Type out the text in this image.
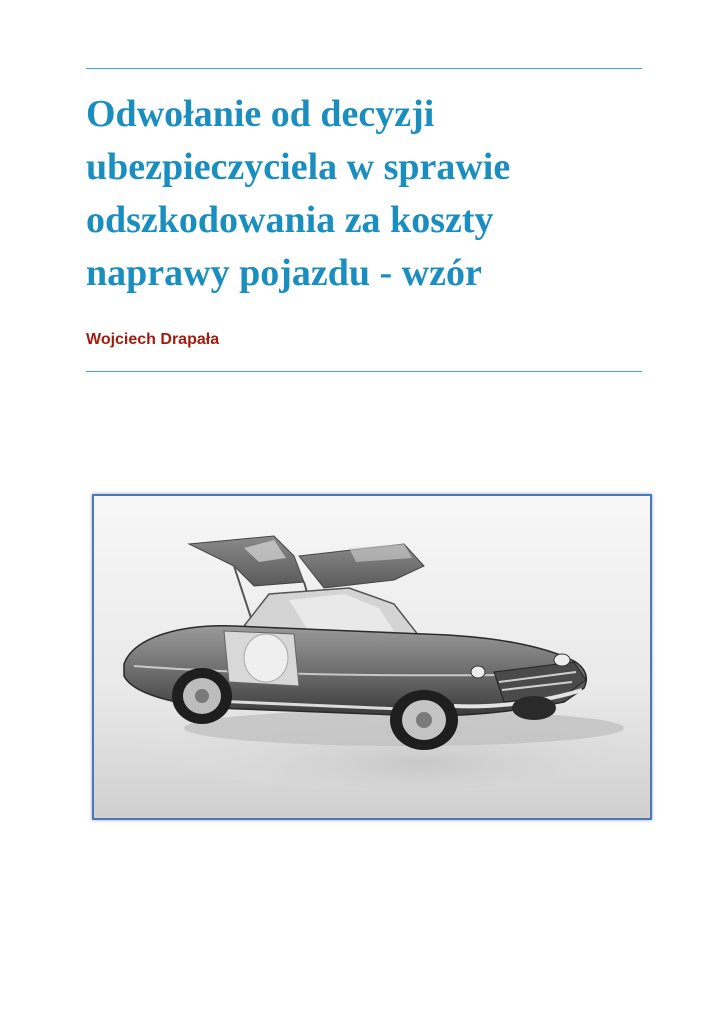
Odwołanie od decyzji
ubezpieczyciela w sprawie
odszkodowania za koszty
naprawy pojazdu - wzór

Wojciech Drapała
